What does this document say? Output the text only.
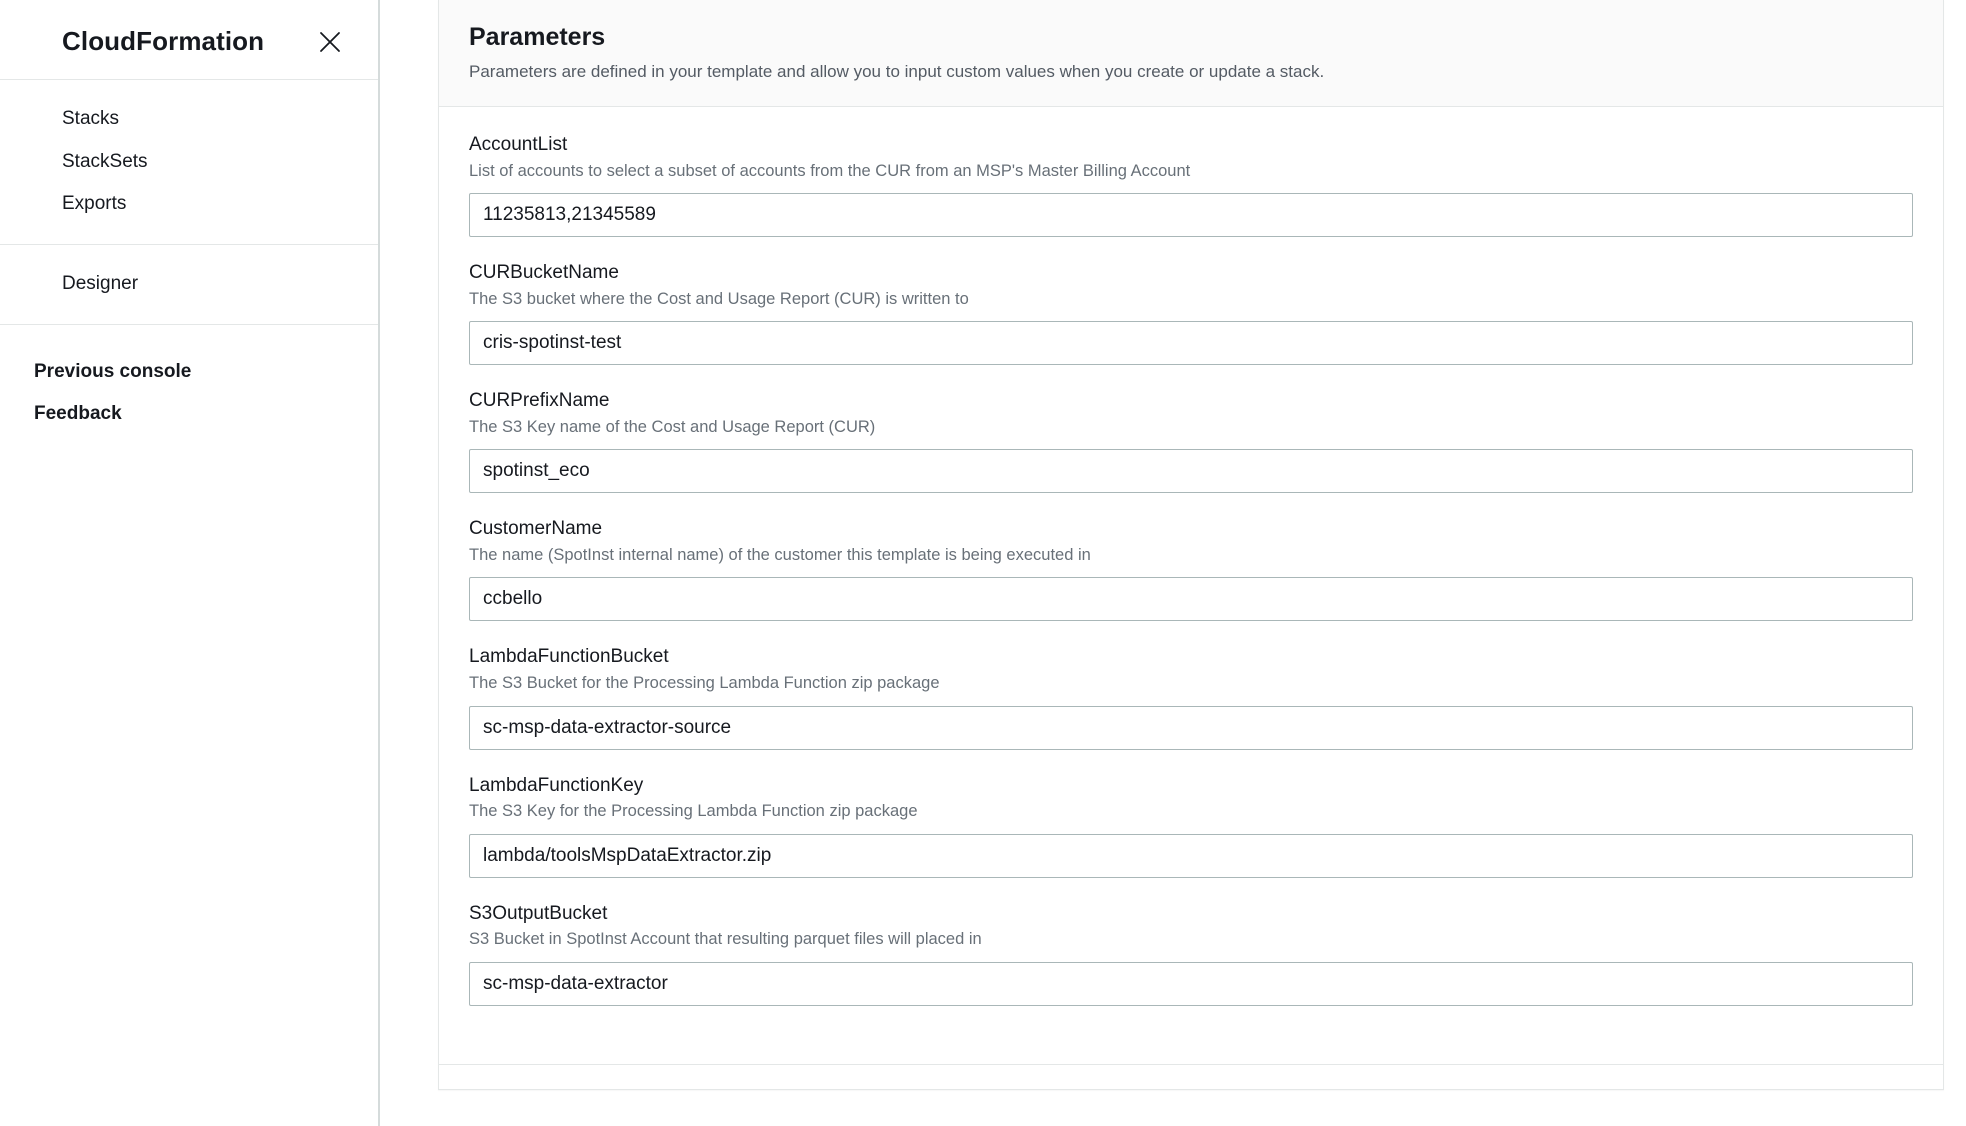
CloudFormation
Stacks
StackSets
Exports
Designer
Previous console
Feedback
Parameters

Parameters are defined in your template and allow you to input custom values when you create or update a stack.

AccountList
List of accounts to select a subset of accounts from the CUR from an MSP's Master Billing Account
11235813,21345589
CURBucketName
The S3 bucket where the Cost and Usage Report (CUR) is written to
cris-spotinst-test
CURPrefixName
The S3 Key name of the Cost and Usage Report (CUR)
spotinst_eco
CustomerName
The name (SpotInst internal name) of the customer this template is being executed in
ccbello
LambdaFunctionBucket
The S3 Bucket for the Processing Lambda Function zip package
sc-msp-data-extractor-source
LambdaFunctionKey
The S3 Key for the Processing Lambda Function zip package
lambda/toolsMspDataExtractor.zip
S3OutputBucket
S3 Bucket in SpotInst Account that resulting parquet files will placed in
sc-msp-data-extractor
